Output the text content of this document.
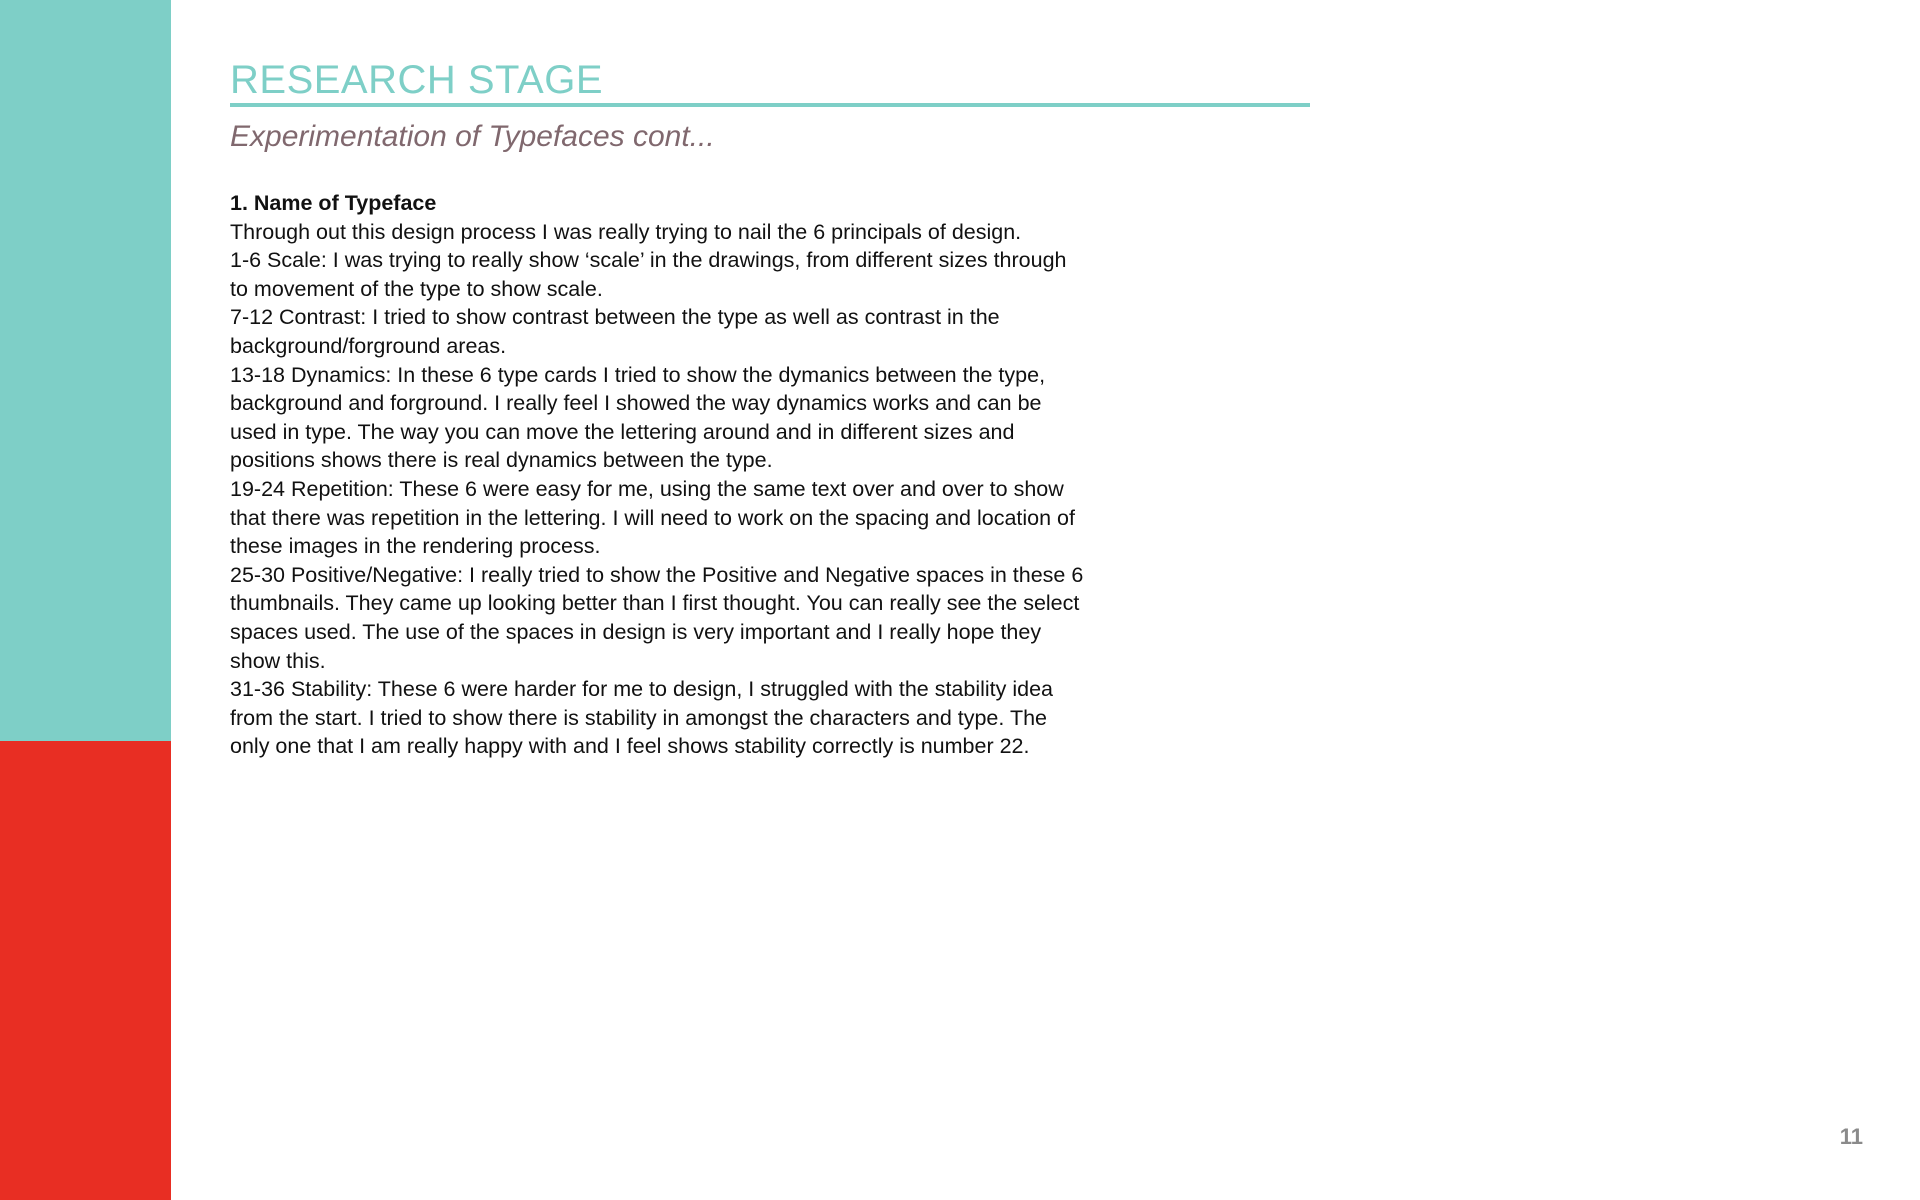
RESEARCH STAGE
Experimentation of Typefaces cont...
1. Name of Typeface
Through out this design process I was really trying to nail the 6 principals of design.
1-6 Scale: I was trying to really show ‘scale’ in the drawings, from different sizes through to movement of the type to show scale.
7-12 Contrast: I tried to show contrast between the type as well as contrast in the background/forground areas.
13-18 Dynamics: In these 6 type cards I tried to show the dymanics between the type, background and forground. I really feel I showed the way dynamics works and can be used in type. The way you can move the lettering around and in different sizes and positions shows there is real dynamics between the type.
19-24 Repetition: These 6 were easy for me, using the same text over and over to show that there was repetition in the lettering. I will need to work on the spacing and location of these images in the rendering process.
25-30 Positive/Negative: I really tried to show the Positive and Negative spaces in these 6 thumbnails. They came up looking better than I first thought. You can really see the select spaces used. The use of the spaces in design is very important and I really hope they show this.
31-36 Stability: These 6 were harder for me to design, I struggled with the stability idea from the start. I tried to show there is stability in amongst the characters and type. The only one that I am really happy with and I feel shows stability correctly is number 22.
11
